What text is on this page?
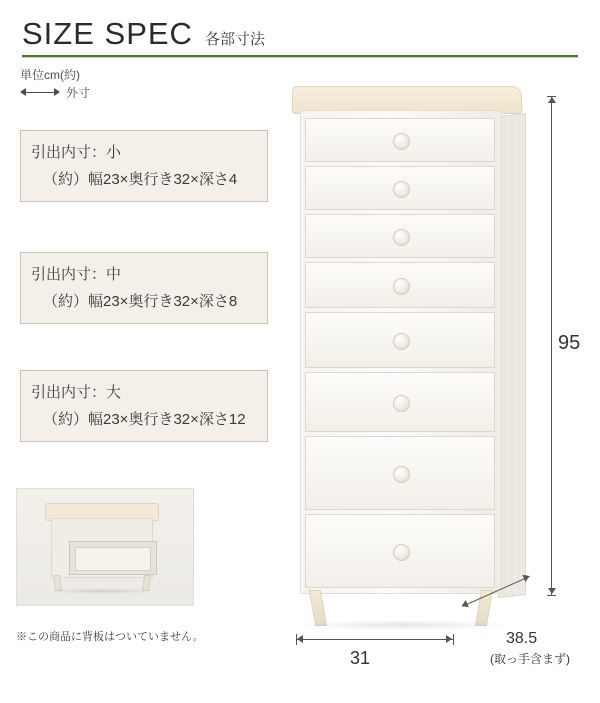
SIZE SPEC 各部寸法
単位cm(約)
外寸
引出内寸：小
（約）幅23×奥行き32×深さ4
引出内寸：中
（約）幅23×奥行き32×深さ8
引出内寸：大
（約）幅23×奥行き32×深さ12
※この商品に背板はついていません。
95
31
38.5
(取っ手含まず)
